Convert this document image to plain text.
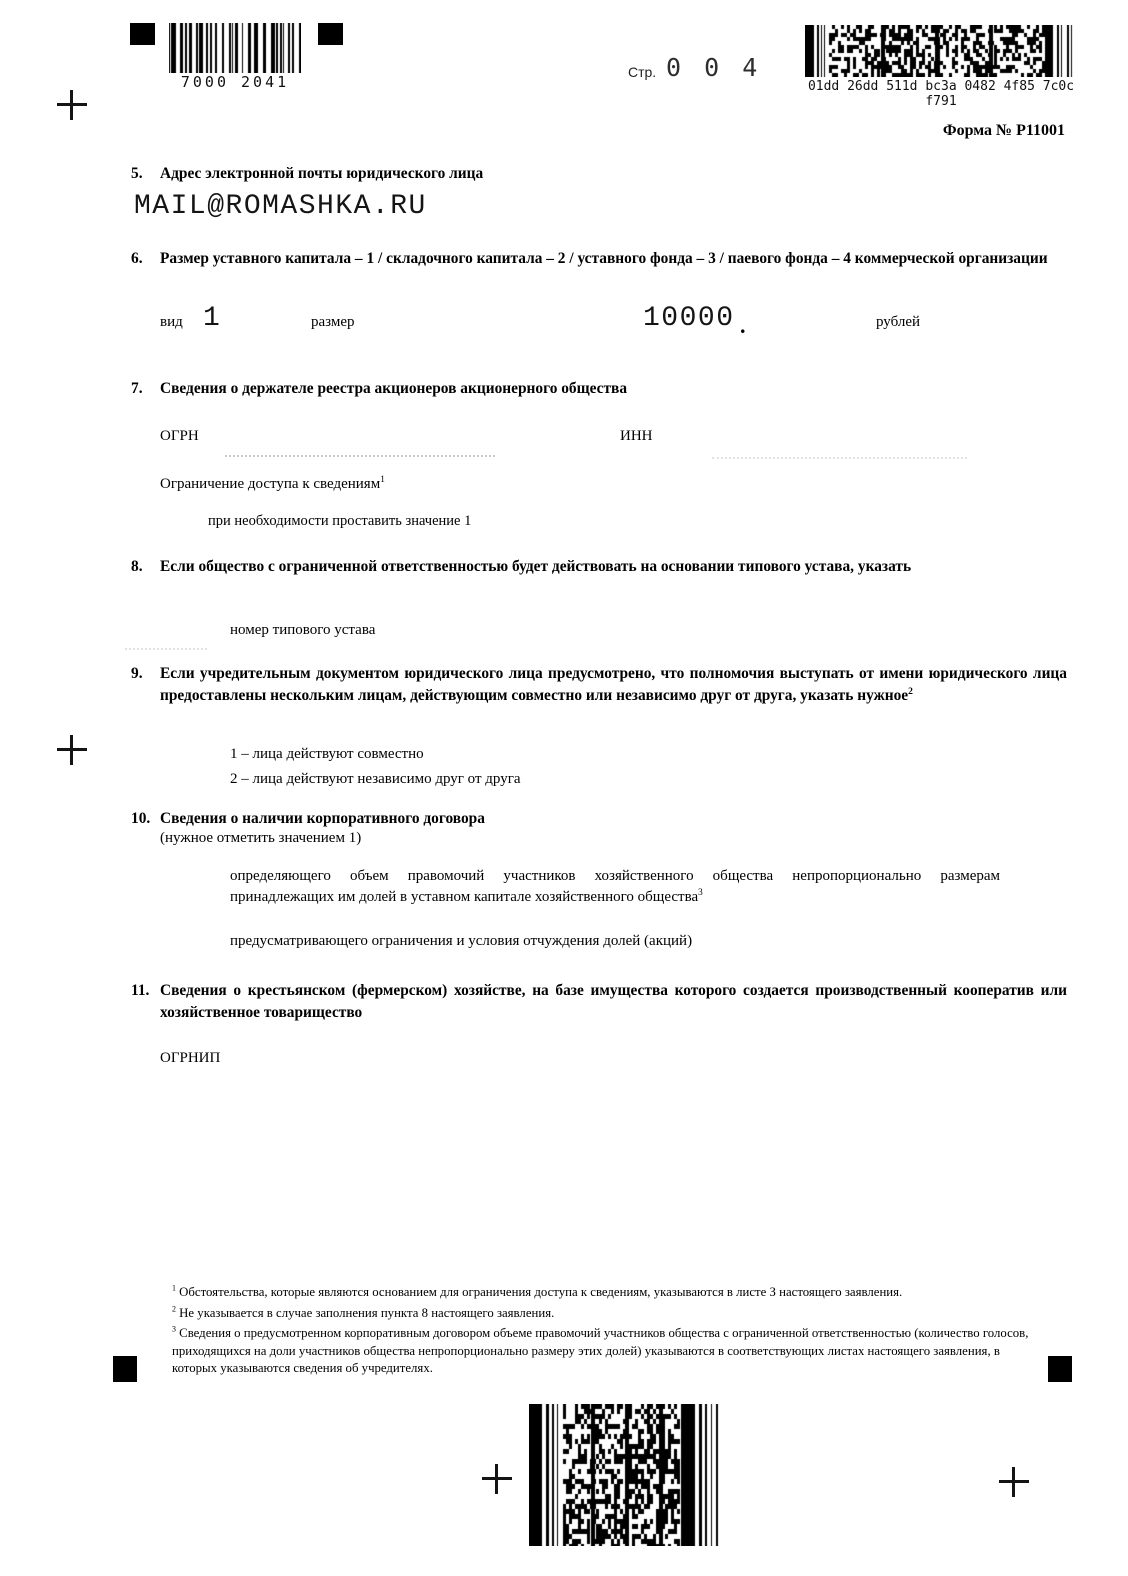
7000 2041
Стр. 0 0 4
01dd 26dd 511d bc3a 0482 4f85 7c0c f791
Форма № Р11001
5.	Адрес электронной почты юридического лица
MAIL@ROMASHKA.RU
6.	Размер уставного капитала – 1 / складочного капитала – 2 / уставного фонда – 3 / паевого фонда – 4 коммерческой организации
вид 1	размер	10000 .	рублей
7.	Сведения о держателе реестра акционеров акционерного общества
ОГРН	ИНН
Ограничение доступа к сведениям$^1$
при необходимости проставить значение 1
8.	Если общество с ограниченной ответственностью будет действовать на основании типового устава, указать
номер типового устава
9.	Если учредительным документом юридического лица предусмотрено, что полномочия выступать от имени юридического лица предоставлены нескольким лицам, действующим совместно или независимо друг от друга, указать нужное$^2$
1 – лица действуют совместно
2 – лица действуют независимо друг от друга
10. Сведения о наличии корпоративного договора
(нужное отметить значением 1)
определяющего объем правомочий участников хозяйственного общества непропорционально размерам принадлежащих им долей в уставном капитале хозяйственного общества$^3$
предусматривающего ограничения и условия отчуждения долей (акций)
11. Сведения о крестьянском (фермерском) хозяйстве, на базе имущества которого создается производственный кооператив или хозяйственное товарищество
ОГРНИП
$^1$ Обстоятельства, которые являются основанием для ограничения доступа к сведениям, указываются в листе З настоящего заявления.
$^2$ Не указывается в случае заполнения пункта 8 настоящего заявления.
$^3$ Сведения о предусмотренном корпоративным договором объеме правомочий участников общества с ограниченной ответственностью (количество голосов, приходящихся на доли участников общества непропорционально размеру этих долей) указываются в соответствующих листах настоящего заявления, в которых указываются сведения об учредителях.
